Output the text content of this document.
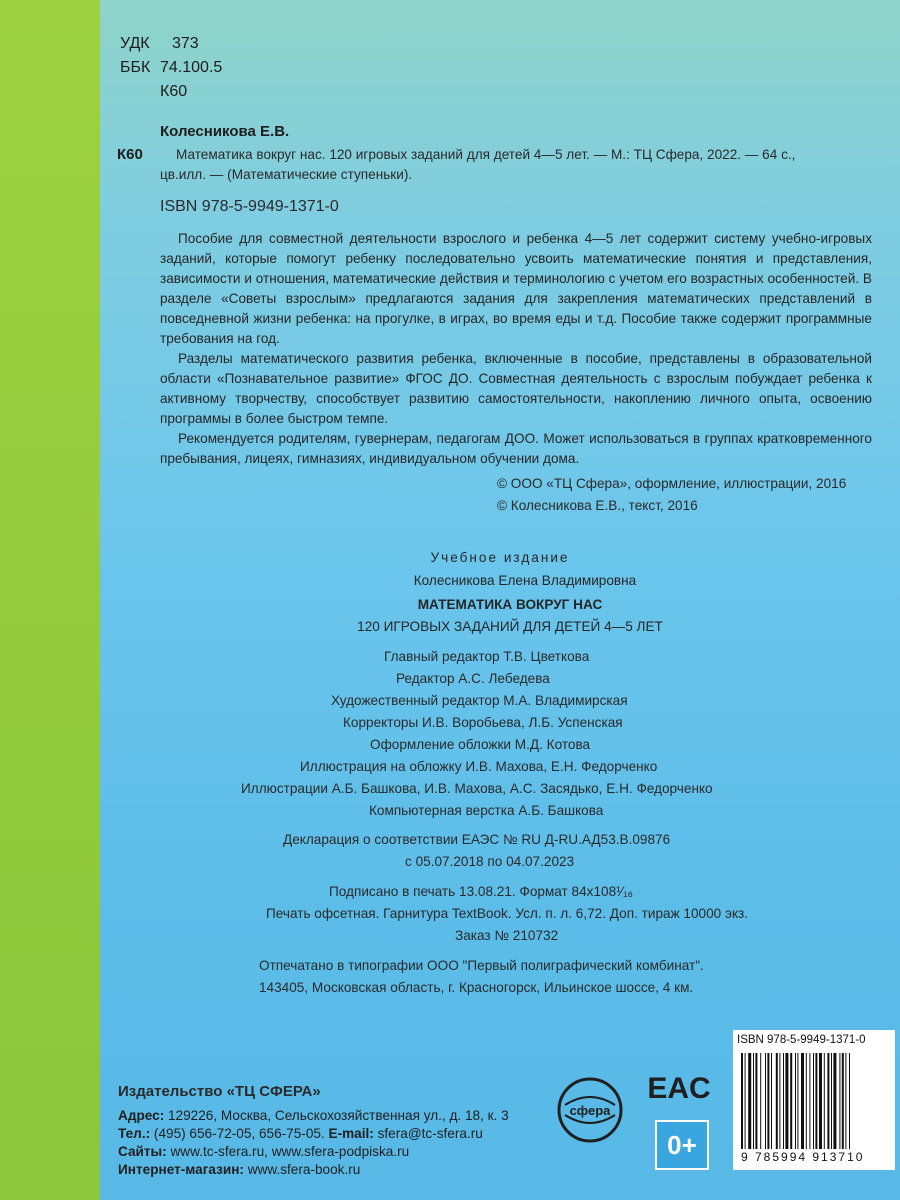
УДК 373
ББК 74.100.5
К60
Колесникова Е.В.
К60 Математика вокруг нас. 120 игровых заданий для детей 4—5 лет. — М.: ТЦ Сфера, 2022. — 64 с.,
цв.илл. — (Математические ступеньки).
ISBN 978-5-9949-1371-0

Пособие для совместной деятельности взрослого и ребенка 4—5 лет содержит систему учебно-игровых заданий, которые помогут ребенку последовательно усвоить математические понятия и представления, зависимости и отношения, математические действия и терминологию с учетом его возрастных особенностей. В разделе «Советы взрослым» предлагаются задания для закрепления математических представлений в повседневной жизни ребенка: на прогулке, в играх, во время еды и т.д. Пособие также содержит программные требования на год.

Разделы математического развития ребенка, включенные в пособие, представлены в образовательной области «Познавательное развитие» ФГОС ДО. Совместная деятельность с взрослым побуждает ребенка к активному творчеству, способствует развитию самостоятельности, накоплению личного опыта, освоению программы в более быстром темпе.

Рекомендуется родителям, гувернерам, педагогам ДОО. Может использоваться в группах кратковременного пребывания, лицеях, гимназиях, индивидуальном обучении дома.

© ООО «ТЦ Сфера», оформление, иллюстрации, 2016
© Колесникова Е.В., текст, 2016
Учебное издание
Колесникова Елена Владимировна
МАТЕМАТИКА ВОКРУГ НАС
120 ИГРОВЫХ ЗАДАНИЙ ДЛЯ ДЕТЕЙ 4—5 ЛЕТ
Главный редактор Т.В. Цветкова
Редактор А.С. Лебедева
Художественный редактор М.А. Владимирская
Корректоры И.В. Воробьева, Л.Б. Успенская
Оформление обложки М.Д. Котова
Иллюстрация на обложку И.В. Махова, Е.Н. Федорченко
Иллюстрации А.Б. Башкова, И.В. Махова, А.С. Засядько, Е.Н. Федорченко
Компьютерная верстка А.Б. Башкова
Декларация о соответствии ЕАЭС № RU Д-RU.АД53.В.09876
с 05.07.2018 по 04.07.2023
Подписано в печать 13.08.21. Формат 84х108¹⁄₁₆
Печать офсетная. Гарнитура TextBook. Усл. п. л. 6,72. Доп. тираж 10000 экз.
Заказ № 210732
Отпечатано в типографии ООО "Первый полиграфический комбинат".
143405, Московская область, г. Красногорск, Ильинское шоссе, 4 км.
Издательство «ТЦ СФЕРА»
Адрес: 129226, Москва, Сельскохозяйственная ул., д. 18, к. 3
Тел.: (495) 656-72-05, 656-75-05. E-mail: sfera@tc-sfera.ru
Сайты: www.tc-sfera.ru, www.sfera-podpiska.ru
Интернет-магазин: www.sfera-book.ru
сфера
EAC
0+
ISBN 978-5-9949-1371-0
9 785994 913710
